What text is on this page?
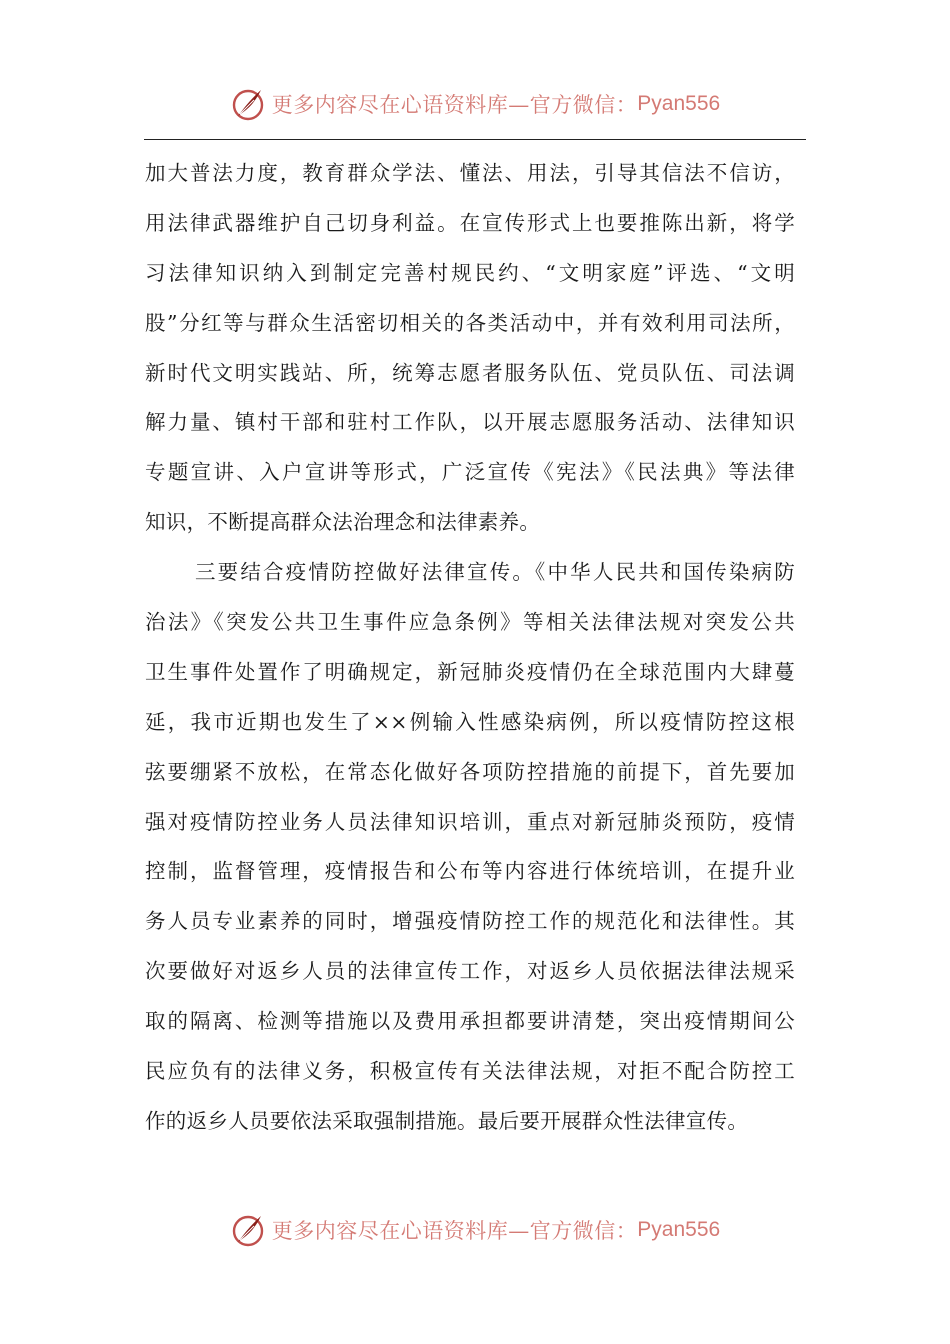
更多内容尽在心语资料库—官方微信： Pyan556
加大普法力度，教育群众学法、懂法、用法，引导其信法不信访，
用法律武器维护自己切身利益。在宣传形式上也要推陈出新，将学
习法律知识纳入到制定完善村规民约、“文明家庭”评选、“文明
股”分红等与群众生活密切相关的各类活动中，并有效利用司法所，
新时代文明实践站、所，统筹志愿者服务队伍、党员队伍、司法调
解力量、镇村干部和驻村工作队，以开展志愿服务活动、法律知识
专题宣讲、入户宣讲等形式，广泛宣传《宪法》《民法典》等法律
知识，不断提高群众法治理念和法律素养。
三要结合疫情防控做好法律宣传。《中华人民共和国传染病防
治法》《突发公共卫生事件应急条例》等相关法律法规对突发公共
卫生事件处置作了明确规定，新冠肺炎疫情仍在全球范围内大肆蔓
延，我市近期也发生了××例输入性感染病例，所以疫情防控这根
弦要绷紧不放松，在常态化做好各项防控措施的前提下，首先要加
强对疫情防控业务人员法律知识培训，重点对新冠肺炎预防，疫情
控制，监督管理，疫情报告和公布等内容进行体统培训，在提升业
务人员专业素养的同时，增强疫情防控工作的规范化和法律性。其
次要做好对返乡人员的法律宣传工作，对返乡人员依据法律法规采
取的隔离、检测等措施以及费用承担都要讲清楚，突出疫情期间公
民应负有的法律义务，积极宣传有关法律法规，对拒不配合防控工
作的返乡人员要依法采取强制措施。最后要开展群众性法律宣传。
更多内容尽在心语资料库—官方微信： Pyan556
